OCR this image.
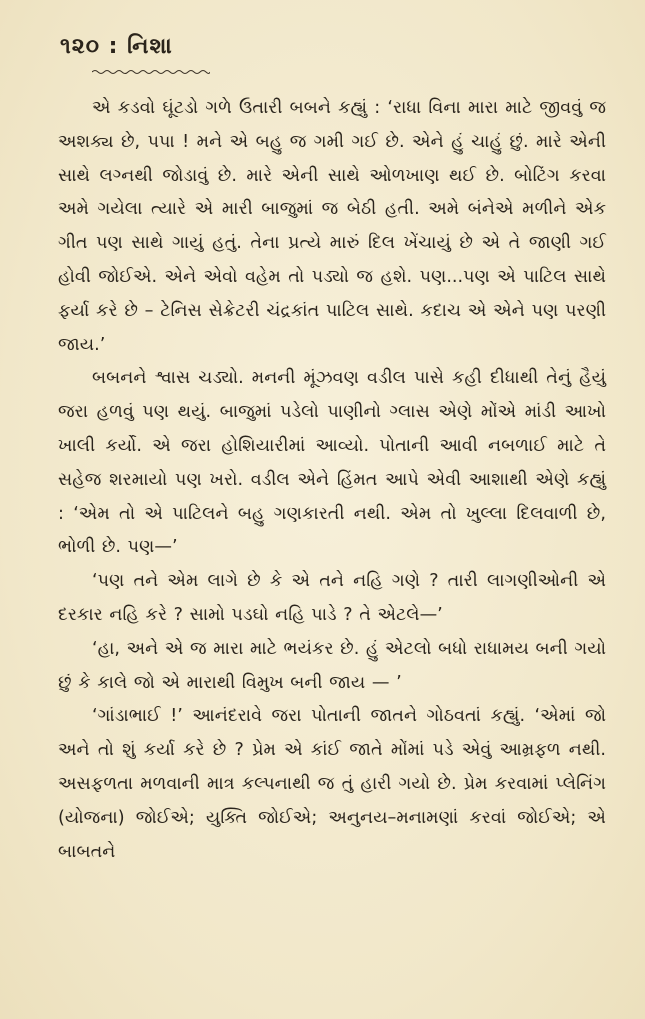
૧૨૦ : નિશા

એ કડવો ઘૂંટડો ગળે ઉતારી બબને કહ્યું : ‘રાધા વિના મારા માટે જીવવું જ અશક્ય છે, પપા ! મને એ બહુ જ ગમી ગઈ છે. એને હું ચાહું છું. મારે એની સાથે લગ્નથી જોડાવું છે. મારે એની સાથે ઓળખાણ થઈ છે. બોટિંગ કરવા અમે ગયેલા ત્યારે એ મારી બાજુમાં જ બેઠી હતી. અમે બંનેએ મળીને એક ગીત પણ સાથે ગાયું હતું. તેના પ્રત્યે મારું દિલ ખેંચાયું છે એ તે જાણી ગઈ હોવી જોઈએ. એને એવો વહેમ તો પડ્યો જ હશે. પણ...પણ એ પાટિલ સાથે ફર્યા કરે છે – ટેનિસ સેક્રેટરી ચંદ્રકાંત પાટિલ સાથે. કદાચ એ એને પણ પરણી જાય.’

બબનને શ્વાસ ચડ્યો. મનની મૂંઝવણ વડીલ પાસે કહી દીધાથી તેનું હૈયું જરા હળવું પણ થયું. બાજુમાં પડેલો પાણીનો ગ્લાસ એણે મોંએ માંડી આખો ખાલી કર્યો. એ જરા હોશિયારીમાં આવ્યો. પોતાની આવી નબળાઈ માટે તે સહેજ શરમાયો પણ ખરો. વડીલ એને હિંમત આપે એવી આશાથી એણે કહ્યું : ‘એમ તો એ પાટિલને બહુ ગણકારતી નથી. એમ તો ખુલ્લા દિલવાળી છે, ભોળી છે. પણ—’

‘પણ તને એમ લાગે છે કે એ તને નહિ ગણે ? તારી લાગણીઓની એ દરકાર નહિ કરે ? સામો પડઘો નહિ પાડે ? તે એટલે—’

‘હા, અને એ જ મારા માટે ભયંકર છે. હું એટલો બધો રાધામય બની ગયો છું કે કાલે જો એ મારાથી વિમુખ બની જાય — ’

‘ગાંડાભાઈ !’ આનંદરાવે જરા પોતાની જાતને ગોઠવતાં કહ્યું. ‘એમાં જો અને તો શું કર્યા કરે છે ? પ્રેમ એ કાંઈ જાતે મોંમાં પડે એવું આમ્રફળ નથી. અસફળતા મળવાની માત્ર કલ્પનાથી જ તું હારી ગયો છે. પ્રેમ કરવામાં પ્લેનિંગ (યોજના) જોઈએ; યુક્તિ જોઈએ; અનુનય–મનામણાં કરવાં જોઈએ; એ બાબતને
